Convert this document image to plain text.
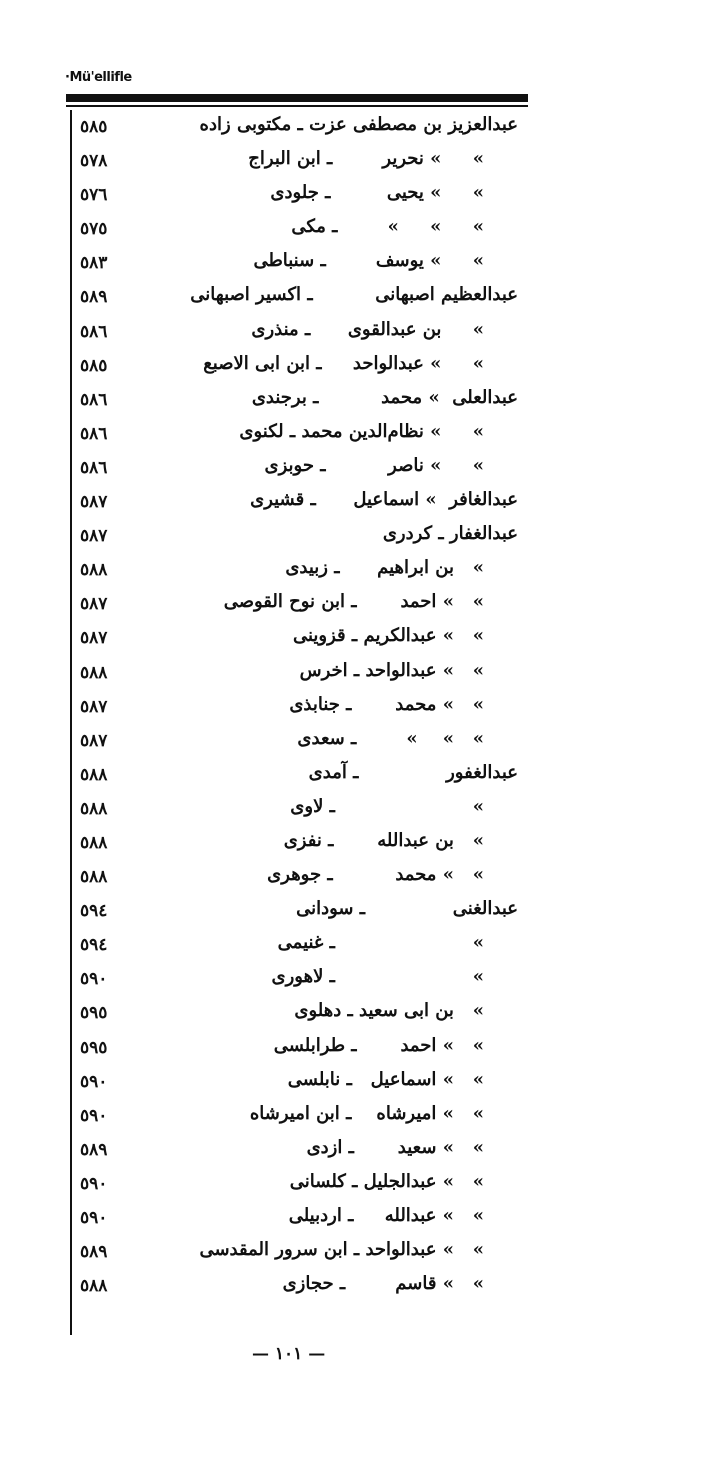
·Mü'ellifle
٥٨٥	عبدالعزيز بن مصطفى عزت ـ مكتوبى زاده
٥٧٨	»     » نحرير        ـ ابن البراج
٥٧٦	»     » يحيى         ـ جلودى
٥٧٥	»     »     »        ـ مكى
٥٨٣	»     » يوسف        ـ سنباطى
٥٨٩	عبدالعظيم اصبهانى          ـ اكسير اصبهانى
٥٨٦	»     بن عبدالقوى      ـ منذرى
٥٨٥	»     » عبدالواحد     ـ ابن ابى الاصبع
٥٨٦	عبدالعلى  » محمد          ـ برجندى
٥٨٦	»     » نظام‌الدين محمد ـ لكنوى
٥٨٦	»     » ناصر          ـ حوبزى
٥٨٧	عبدالغافر  » اسماعيل      ـ قشيرى
٥٨٧	عبدالغفار ـ كردرى
٥٨٨	»   بن ابراهيم      ـ زبيدى
٥٨٧	»   » احمد       ـ ابن نوح القوصى
٥٨٧	»   » عبدالكريم ـ قزوينى
٥٨٨	»   » عبدالواحد ـ اخرس
٥٨٧	»   » محمد       ـ جنابذى
٥٨٧	»   »    »        ـ سعدى
٥٨٨	عبدالغفور              ـ آمدى
٥٨٨	»                      ـ لاوى
٥٨٨	»   بن عبدالله       ـ نفزى
٥٨٨	»   » محمد          ـ جوهرى
٥٩٤	عبدالغنى              ـ سودانى
٥٩٤	»                      ـ غنيمى
٥٩٠	»                      ـ لاهورى
٥٩٥	»   بن ابى سعيد ـ دهلوى
٥٩٥	»   » احمد       ـ طرابلسى
٥٩٠	»   » اسماعيل   ـ نابلسى
٥٩٠	»   » اميرشاه    ـ ابن اميرشاه
٥٨٩	»   » سعيد       ـ ازدى
٥٩٠	»   » عبدالجليل ـ كلسانى
٥٩٠	»   » عبدالله     ـ اردبيلى
٥٨٩	»   » عبدالواحد ـ ابن سرور المقدسى
٥٨٨	»   » قاسم        ـ حجازى
— ١٠١ —
